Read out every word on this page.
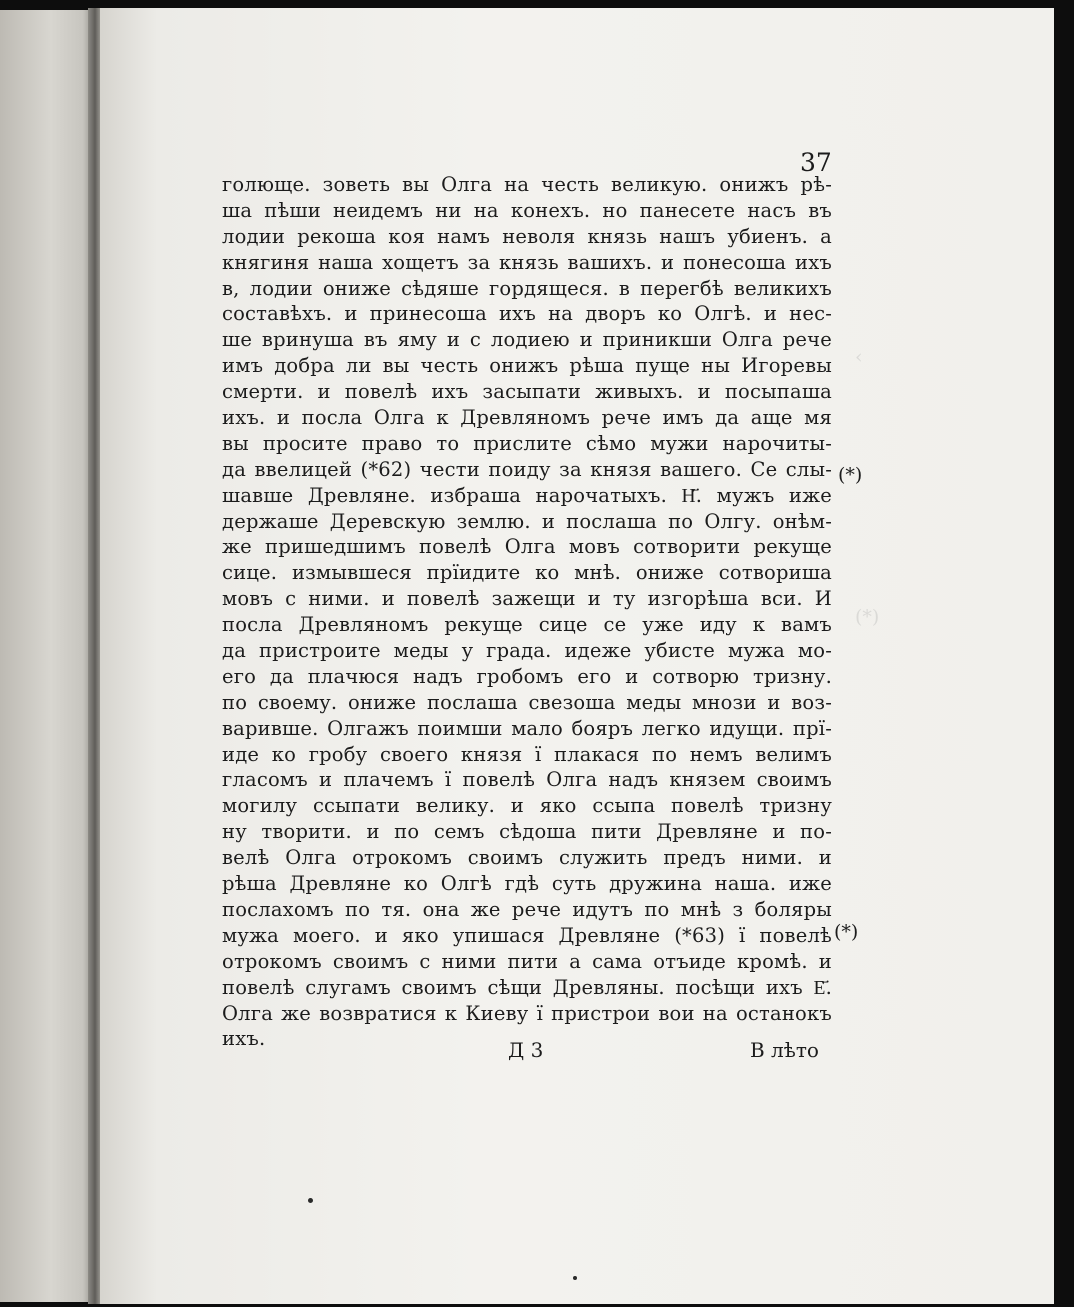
(*)
‹
37
голюще. зоветь вы Олга на честь великую. онижъ рѣ-
ша пѣши неидемъ ни на конехъ. но панесете насъ въ
лодии рекоша коя намъ неволя князь нашъ убиенъ. а
княгиня наша хощетъ за князь вашихъ. и понесоша ихъ
в, лодии ониже сѣдяше гордящеся. в перегбѣ великихъ
составѣхъ. и принесоша ихъ на дворъ ко Олгѣ. и нес-
ше вринуша въ яму и с лодиею и приникши Олга рече
имъ добра ли вы честь онижъ рѣша пуще ны Игоревы
смерти. и повелѣ ихъ засыпати живыхъ. и посыпаша
ихъ. и посла Олга к Древляномъ рече имъ да аще мя
вы просите право то прислите сѣмо мужи нарочиты-
да ввелицей (*62) чести поиду за князя вашего. Се слы-
шавше Древляне. избраша нарочатыхъ. Н҃. мужъ иже
держаше Деревскую землю. и послаша по Олгу. онѣм-
же пришедшимъ повелѣ Олга мовъ сотворити рекуще
сице. измывшеся прїидите ко мнѣ. ониже сотвориша
мовъ с ними. и повелѣ зажещи и ту изгорѣша вси. И
посла Древляномъ рекуще сице се уже иду к вамъ
да пристроите меды у града. идеже убисте мужа мо-
его да плачюся надъ гробомъ его и сотворю тризну.
по своему. ониже послаша свезоша меды мнози и воз-
варивше. Олгажъ поимши мало бояръ легко идущи. прї-
иде ко гробу своего князя ї плакася по немъ велимъ
гласомъ и плачемъ ї повелѣ Олга надъ князем своимъ
могилу ссыпати велику. и яко ссыпа повелѣ тризну
ну творити. и по семъ сѣдоша пити Древляне и по-
велѣ Олга отрокомъ своимъ служить предъ ними. и
рѣша Древляне ко Олгѣ гдѣ суть дружина наша. иже
послахомъ по тя. она же рече идутъ по мнѣ з боляры
мужа моего. и яко упишася Древляне (*63) ї повелѣ
отрокомъ своимъ с ними пити а сама отъиде кромѣ. и
повелѣ слугамъ своимъ сѣщи Древляны. посѣщи ихъ Е҃.
Олга же возвратися к Киеву ї пристрои вои на останокъ
ихъ.
(*)
(*)
Д 3	В лѣто
